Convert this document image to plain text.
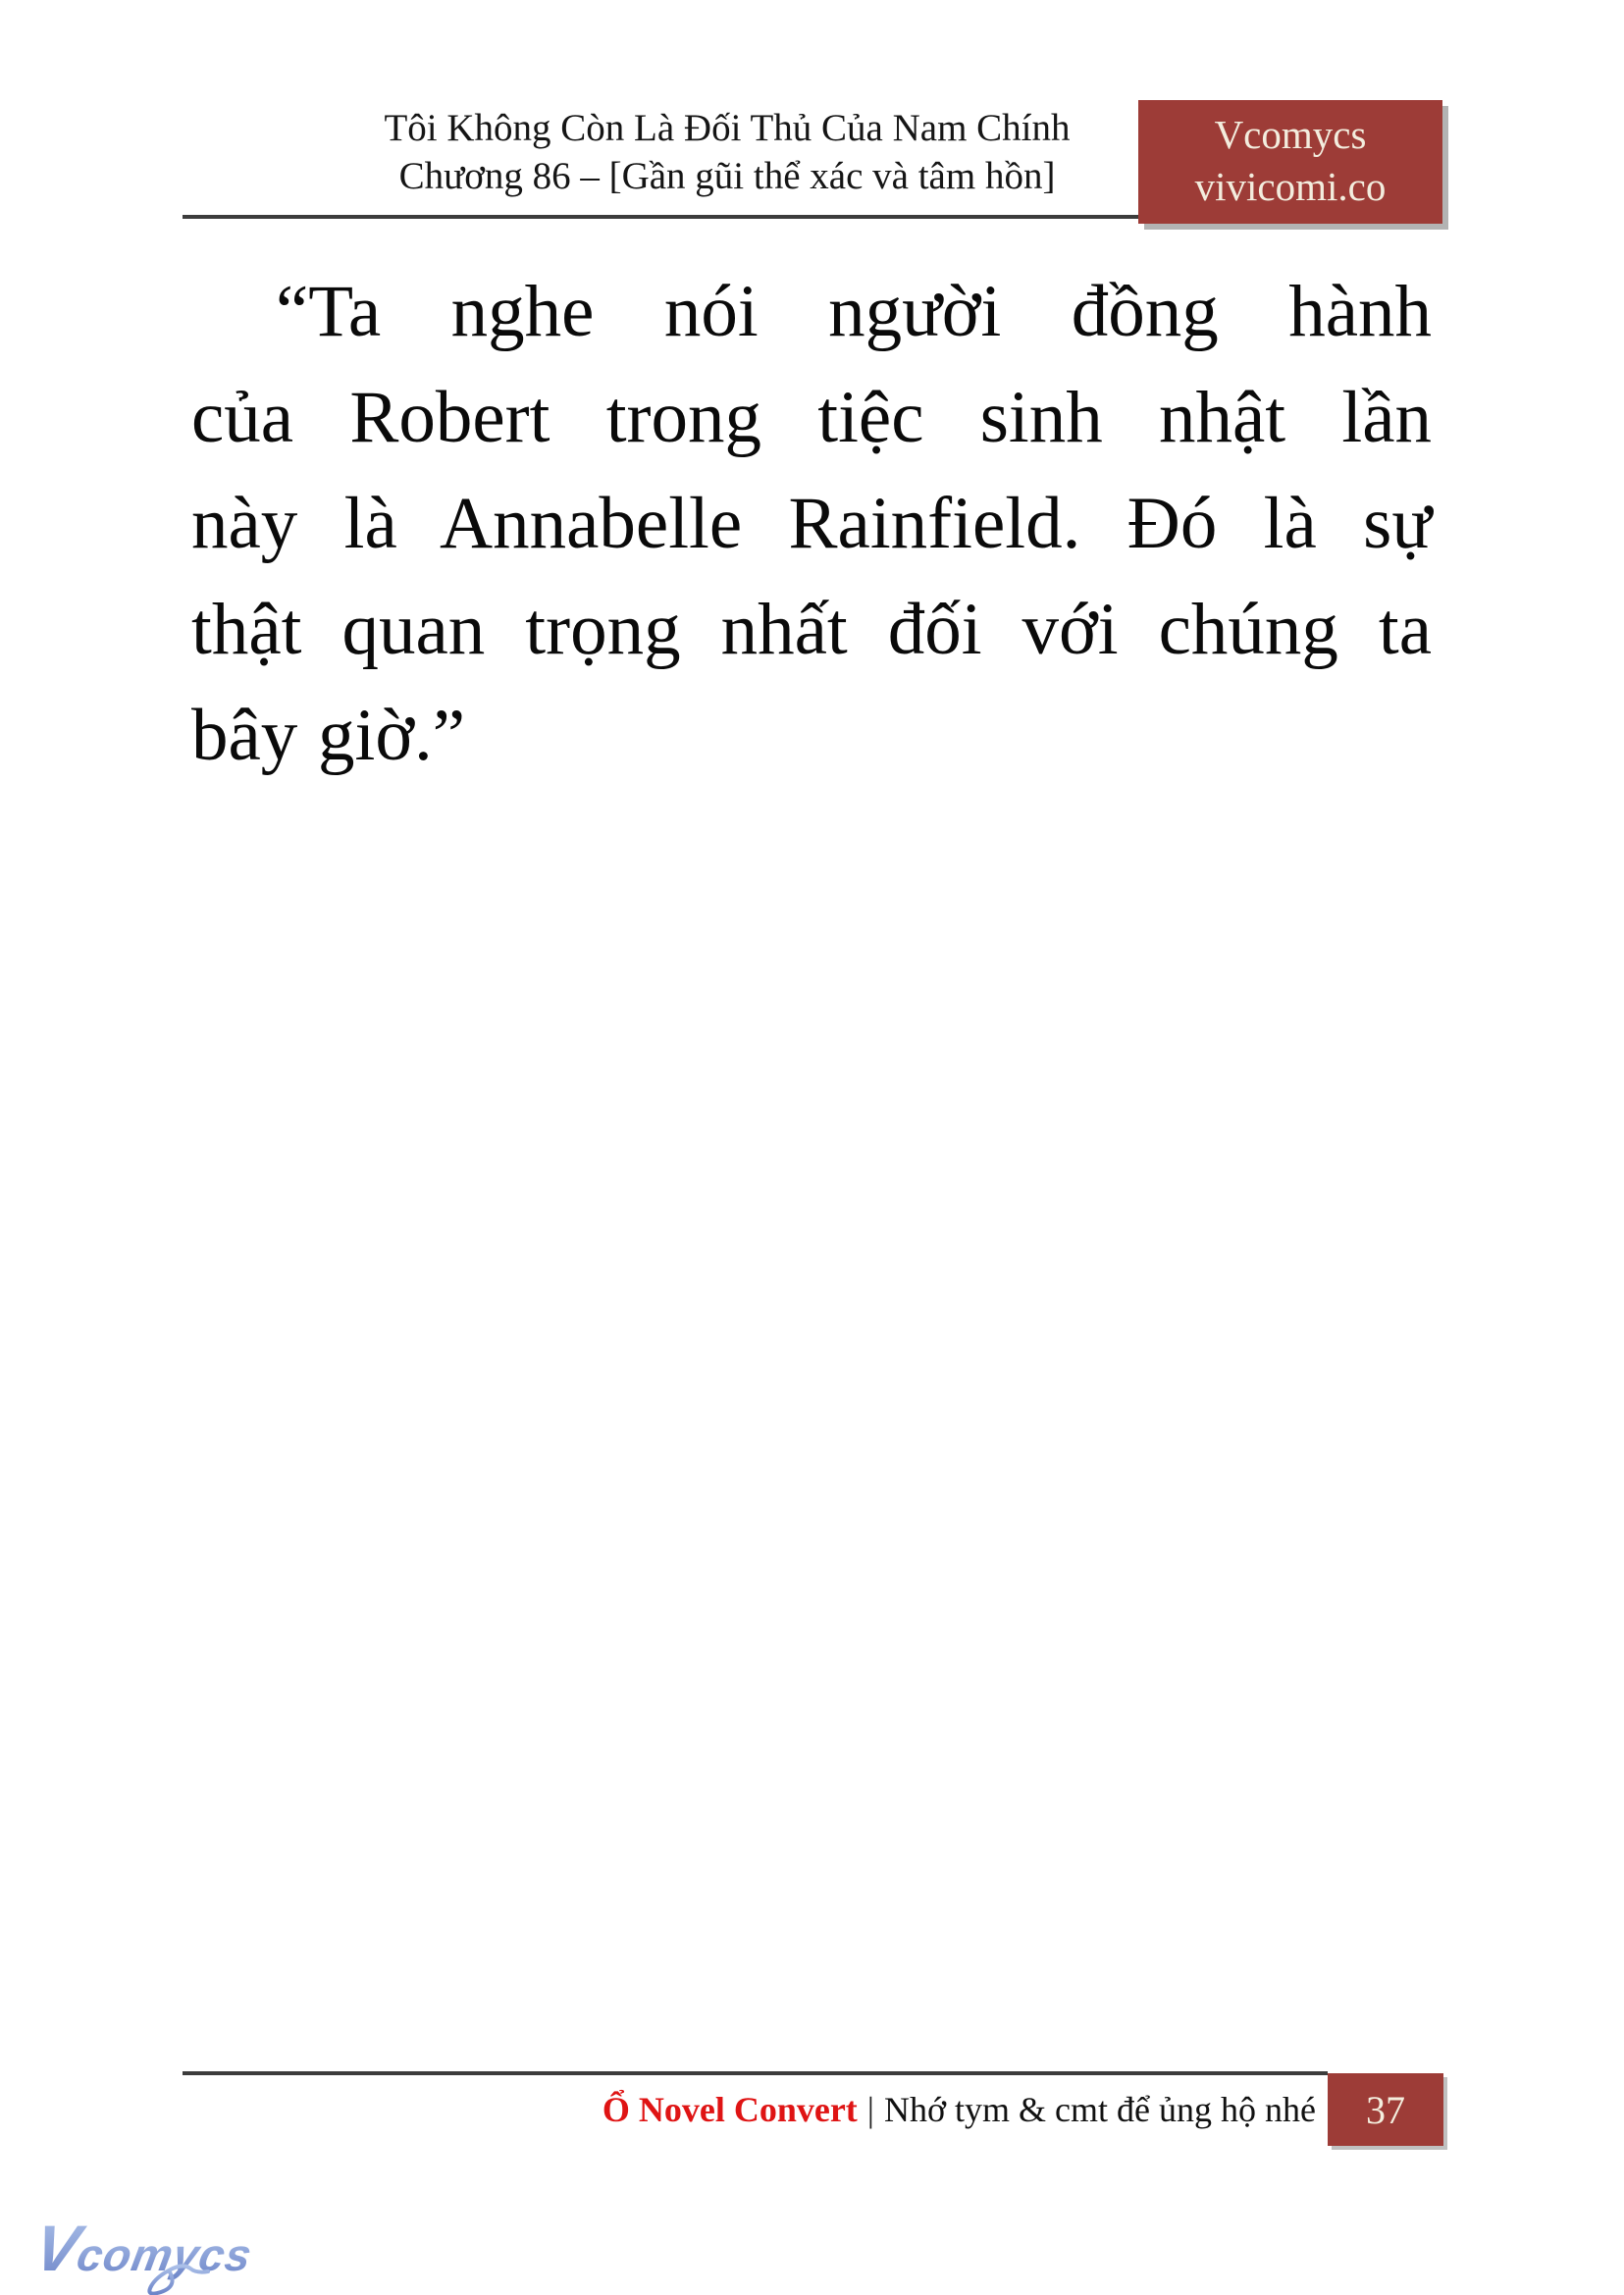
Tôi Không Còn Là Đối Thủ Của Nam Chính
Chương 86 – [Gần gũi thể xác và tâm hồn]
Vcomycs
vivicomi.co
“Ta nghe nói người đồng hành
của Robert trong tiệc sinh nhật lần
này là Annabelle Rainfield. Đó là sự
thật quan trọng nhất đối với chúng ta
bây giờ.”
Ổ Novel Convert | Nhớ tym & cmt để ủng hộ nhé 37
V
comycs
